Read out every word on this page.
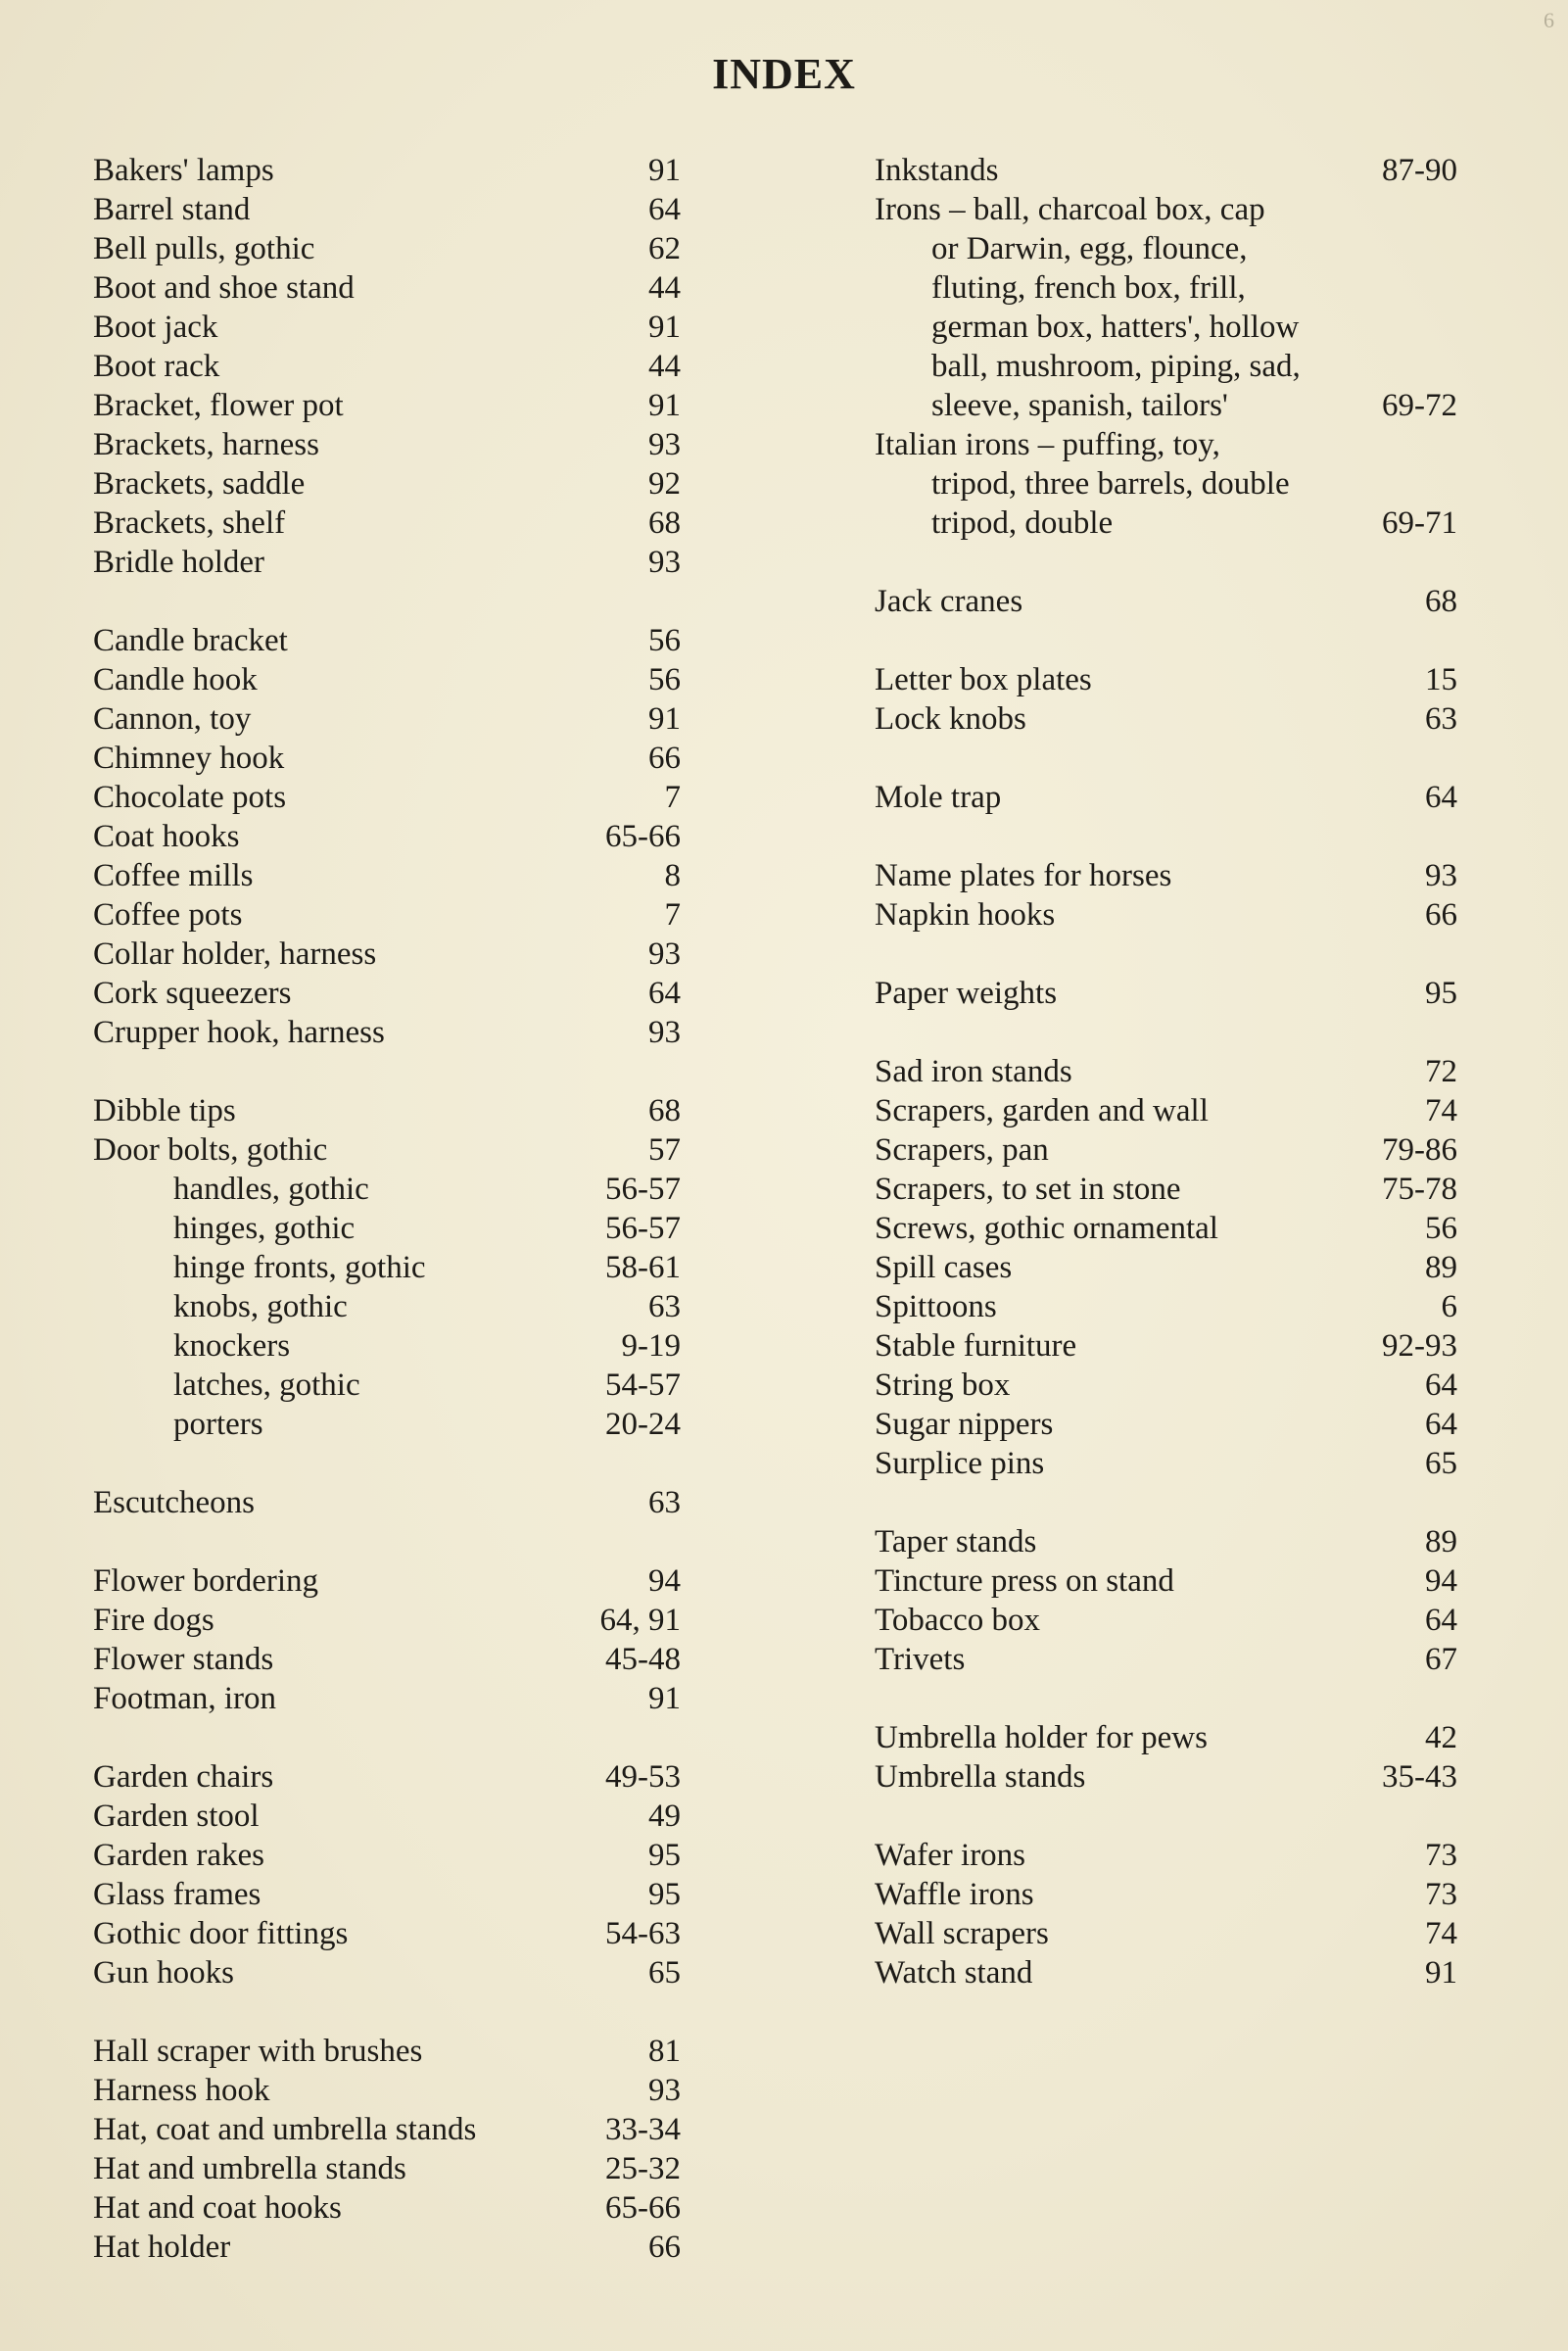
6
INDEX
Bakers' lamps	91
Barrel stand	64
Bell pulls, gothic	62
Boot and shoe stand	44
Boot jack	91
Boot rack	44
Bracket, flower pot	91
Brackets, harness	93
Brackets, saddle	92
Brackets, shelf	68
Bridle holder	93
Candle bracket	56
Candle hook	56
Cannon, toy	91
Chimney hook	66
Chocolate pots	7
Coat hooks	65-66
Coffee mills	8
Coffee pots	7
Collar holder, harness	93
Cork squeezers	64
Crupper hook, harness	93
Dibble tips	68
Door bolts, gothic	57
handles, gothic	56-57
hinges, gothic	56-57
hinge fronts, gothic	58-61
knobs, gothic	63
knockers	9-19
latches, gothic	54-57
porters	20-24
Escutcheons	63
Flower bordering	94
Fire dogs	64, 91
Flower stands	45-48
Footman, iron	91
Garden chairs	49-53
Garden stool	49
Garden rakes	95
Glass frames	95
Gothic door fittings	54-63
Gun hooks	65
Hall scraper with brushes	81
Harness hook	93
Hat, coat and umbrella stands	33-34
Hat and umbrella stands	25-32
Hat and coat hooks	65-66
Hat holder	66
Inkstands	87-90
Irons – ball, charcoal box, cap
or Darwin, egg, flounce,
fluting, french box, frill,
german box, hatters', hollow
ball, mushroom, piping, sad,
sleeve, spanish, tailors'	69-72
Italian irons – puffing, toy,
tripod, three barrels, double
tripod, double	69-71
Jack cranes	68
Letter box plates	15
Lock knobs	63
Mole trap	64
Name plates for horses	93
Napkin hooks	66
Paper weights	95
Sad iron stands	72
Scrapers, garden and wall	74
Scrapers, pan	79-86
Scrapers, to set in stone	75-78
Screws, gothic ornamental	56
Spill cases	89
Spittoons	6
Stable furniture	92-93
String box	64
Sugar nippers	64
Surplice pins	65
Taper stands	89
Tincture press on stand	94
Tobacco box	64
Trivets	67
Umbrella holder for pews	42
Umbrella stands	35-43
Wafer irons	73
Waffle irons	73
Wall scrapers	74
Watch stand	91
